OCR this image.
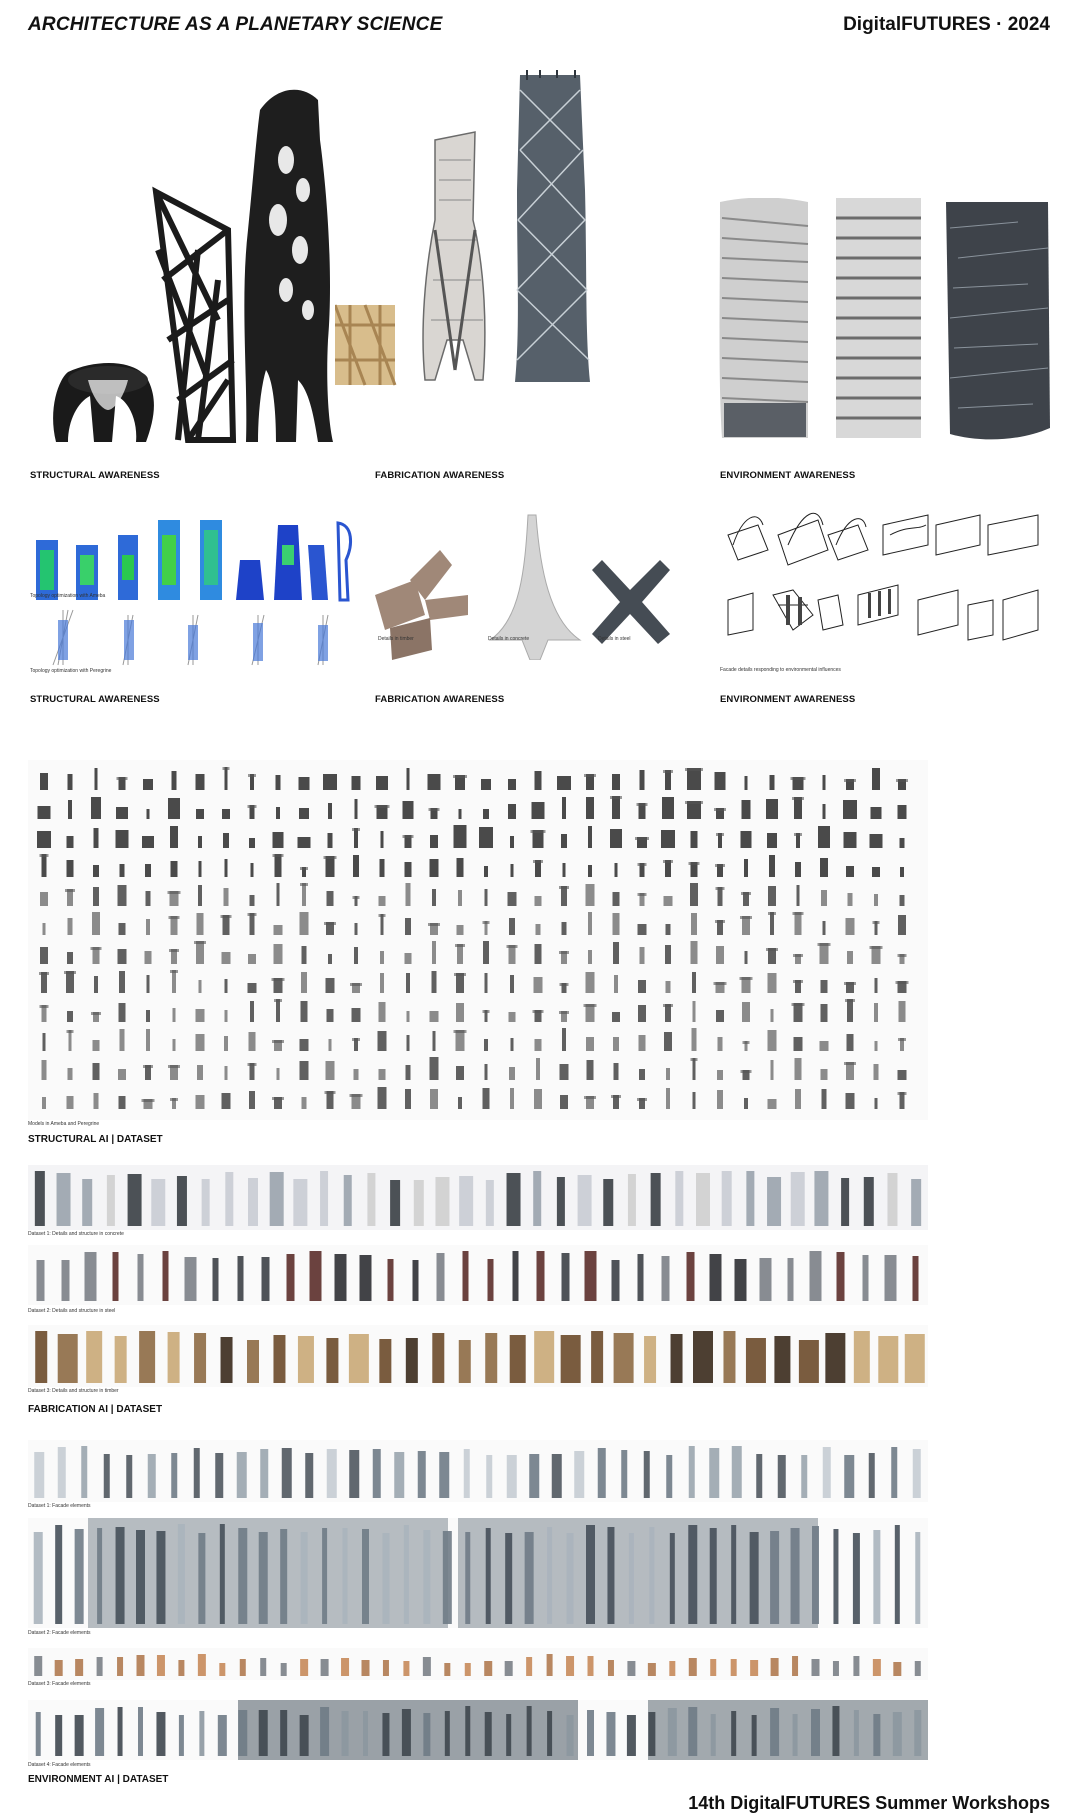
ARCHITECTURE AS A PLANETARY SCIENCE	DigitalFUTURES · 2024
STRUCTURAL AWARENESS	FABRICATION AWARENESS	ENVIRONMENT AWARENESS
Topology optimization with Ameba
Topology optimization with Peregrine
Details in timber	Details in concrete	Details in steel
Facade details responding to environmental influences
STRUCTURAL AWARENESS	FABRICATION AWARENESS	ENVIRONMENT AWARENESS
Models in Ameba and Peregrine
STRUCTURAL AI | DATASET
Dataset 1: Details and structure in concrete
Dataset 2: Details and structure in steel
Dataset 3: Details and structure in timber
FABRICATION AI | DATASET
Dataset 1: Facade elements
Dataset 2: Facade elements
Dataset 3: Facade elements
Dataset 4: Facade elements
ENVIRONMENT AI | DATASET
14th DigitalFUTURES Summer Workshops
